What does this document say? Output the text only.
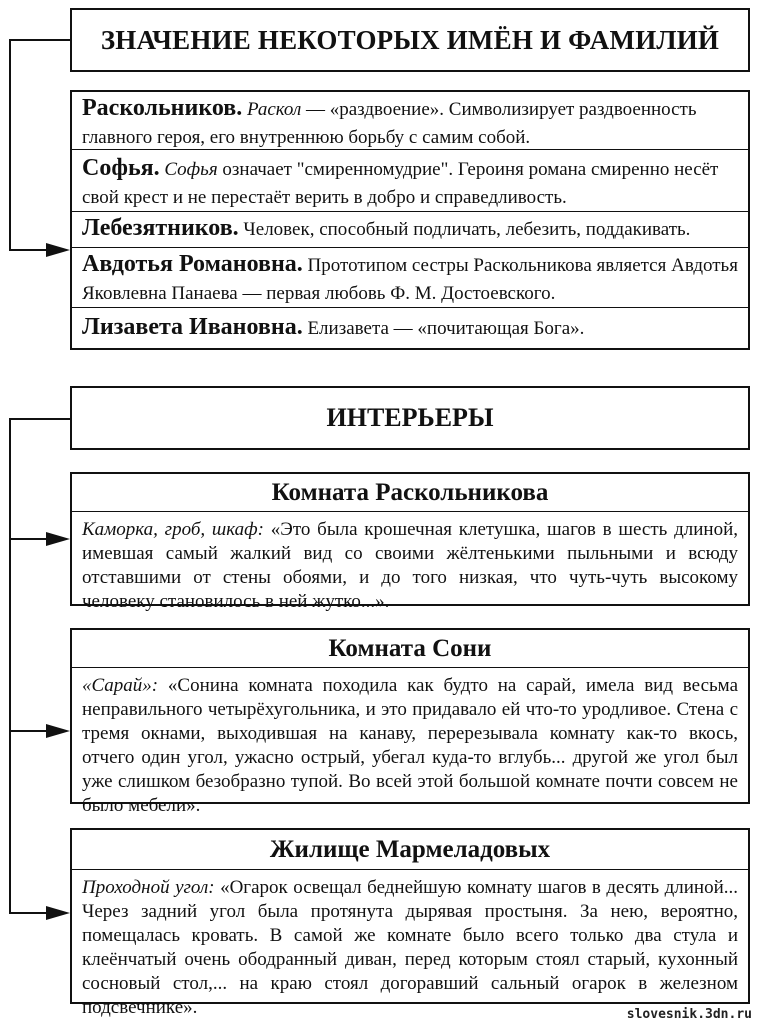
ЗНАЧЕНИЕ НЕКОТОРЫХ ИМЁН И ФАМИЛИЙ
Раскольников. Раскол — «раздвоение». Символизирует раздвоенность главного героя, его внутреннюю борьбу с самим собой.
Софья. Софья означает "смиренномудрие". Героиня романа смиренно несёт свой крест и не перестаёт верить в добро и справедливость.
Лебезятников. Человек, способный подличать, лебезить, поддакивать.
Авдотья Романовна. Прототипом сестры Раскольникова является Авдотья Яковлевна Панаева — первая любовь Ф. М. Достоевского.
Лизавета Ивановна. Елизавета — «почитающая Бога».
ИНТЕРЬЕРЫ
Комната Раскольникова
Каморка, гроб, шкаф: «Это была крошечная клетушка, шагов в шесть длиной, имевшая самый жалкий вид со своими жёлтенькими пыльными и всюду отставшими от стены обоями, и до того низкая, что чуть-чуть высокому человеку становилось в ней жутко...».
Комната Сони
«Сарай»: «Сонина комната походила как будто на сарай, имела вид весьма неправильного четырёхугольника, и это придавало ей что-то уродливое. Стена с тремя окнами, выходившая на канаву, перерезывала комнату как-то вкось, отчего один угол, ужасно острый, убегал куда-то вглубь... другой же угол был уже слишком безобразно тупой. Во всей этой большой комнате почти совсем не было мебели».
Жилище Мармеладовых
Проходной угол: «Огарок освещал беднейшую комнату шагов в десять длиной... Через задний угол была протянута дырявая простыня. За нею, вероятно, помещалась кровать. В самой же комнате было всего только два стула и клеёнчатый очень ободранный диван, перед которым стоял старый, кухонный сосновый стол,... на краю стоял догоравший сальный огарок в железном подсвечнике».	slovesnik.3dn.ru
